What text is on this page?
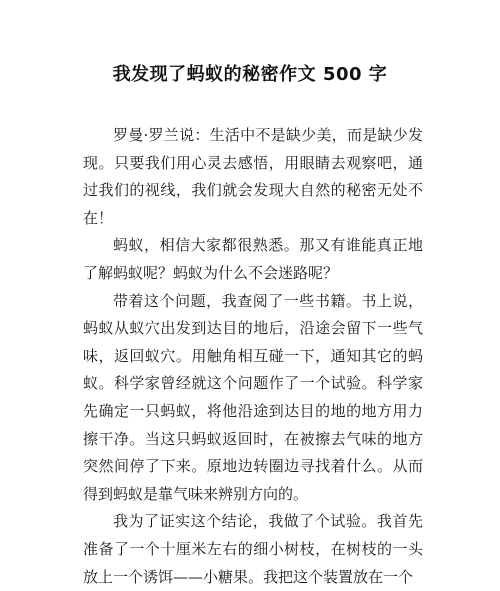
我发现了蚂蚁的秘密作文 500 字

罗曼·罗兰说：生活中不是缺少美，而是缺少发现。只要我们用心灵去感悟，用眼睛去观察吧，通过我们的视线，我们就会发现大自然的秘密无处不在！

蚂蚁，相信大家都很熟悉。那又有谁能真正地了解蚂蚁呢？蚂蚁为什么不会迷路呢？

带着这个问题，我查阅了一些书籍。书上说，蚂蚁从蚁穴出发到达目的地后，沿途会留下一些气味，返回蚁穴。用触角相互碰一下，通知其它的蚂蚁。科学家曾经就这个问题作了一个试验。科学家先确定一只蚂蚁，将他沿途到达目的地的地方用力擦干净。当这只蚂蚁返回时，在被擦去气味的地方突然间停了下来。原地边转圈边寻找着什么。从而得到蚂蚁是靠气味来辨别方向的。

我为了证实这个结论，我做了个试验。我首先准备了一个十厘米左右的细小树枝，在树枝的一头放上一个诱饵——小糖果。我把这个装置放在一个
